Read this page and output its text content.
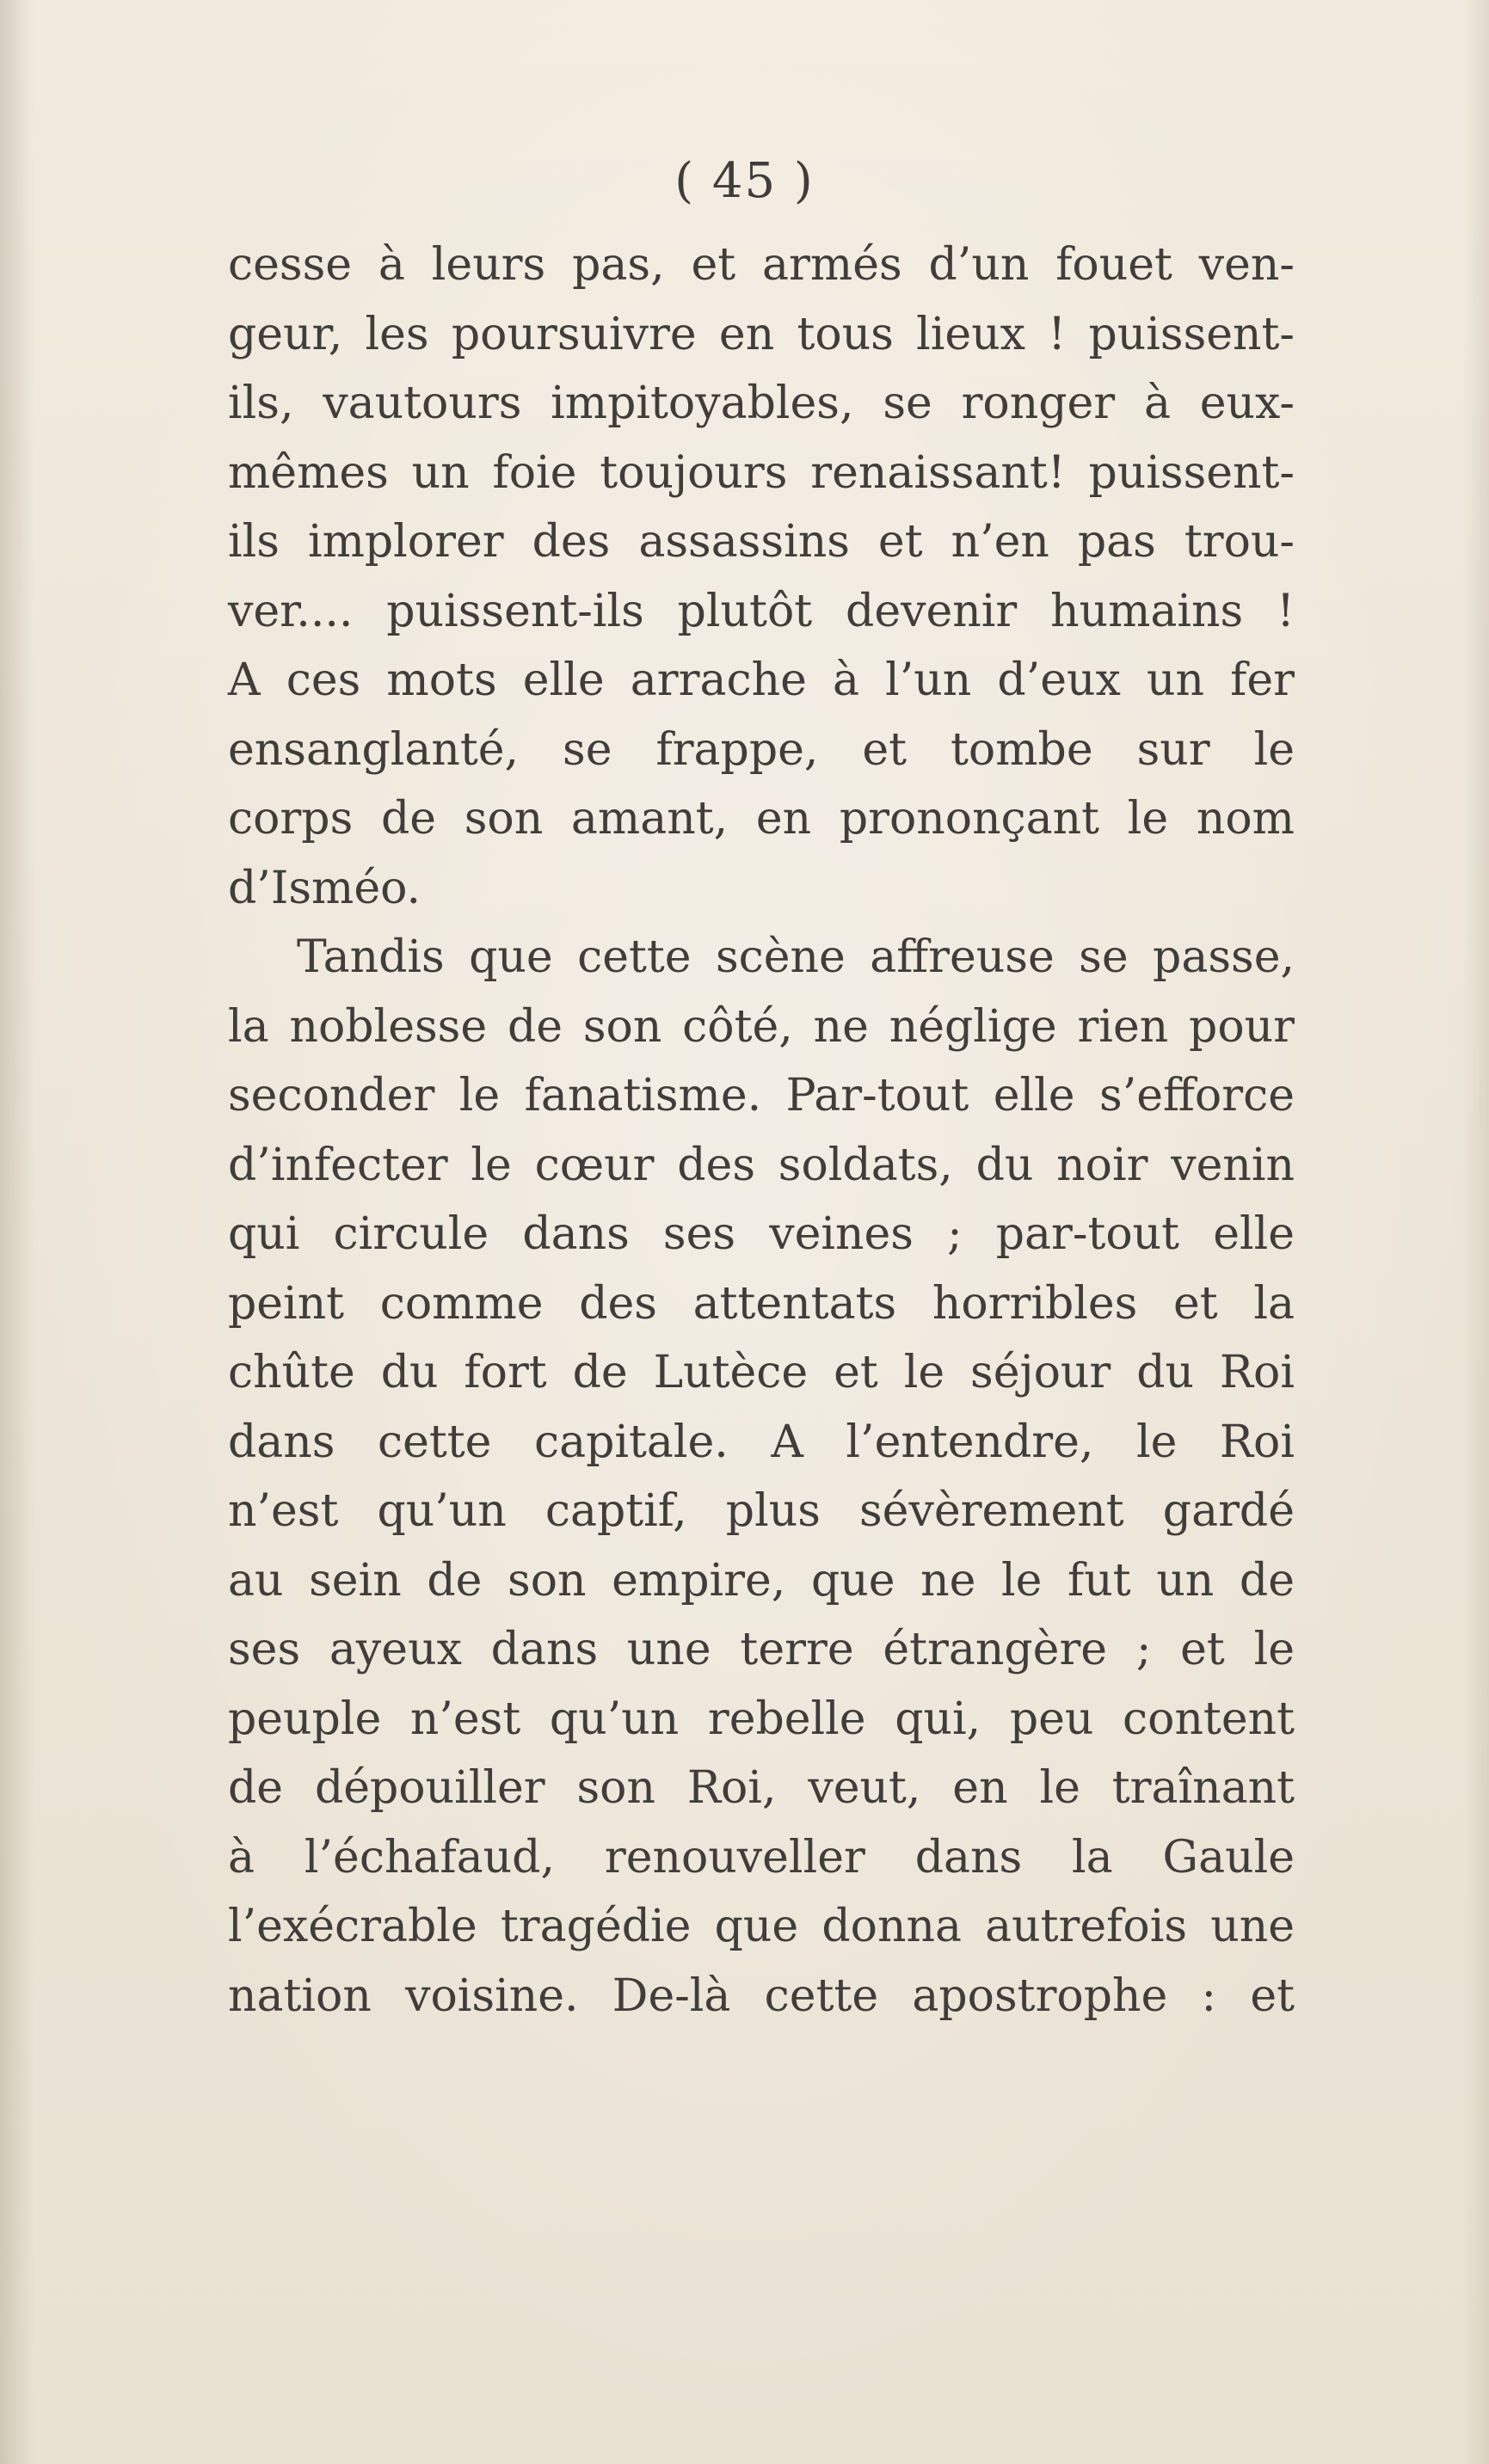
( 45 )
cesse à leurs pas, et armés d’un fouet ven-
geur, les poursuivre en tous lieux ! puissent-
ils, vautours impitoyables, se ronger à eux-
mêmes un foie toujours renaissant! puissent-
ils implorer des assassins et n’en pas trou-
ver.... puissent-ils plutôt devenir humains !
A ces mots elle arrache à l’un d’eux un fer
ensanglanté, se frappe, et tombe sur le
corps de son amant, en prononçant le nom
d’Isméo.
Tandis que cette scène affreuse se passe,
la noblesse de son côté, ne néglige rien pour
seconder le fanatisme. Par-tout elle s’efforce
d’infecter le cœur des soldats, du noir venin
qui circule dans ses veines ; par-tout elle
peint comme des attentats horribles et la
chûte du fort de Lutèce et le séjour du Roi
dans cette capitale. A l’entendre, le Roi
n’est qu’un captif, plus sévèrement gardé
au sein de son empire, que ne le fut un de
ses ayeux dans une terre étrangère ; et le
peuple n’est qu’un rebelle qui, peu content
de dépouiller son Roi, veut, en le traînant
à l’échafaud, renouveller dans la Gaule
l’exécrable tragédie que donna autrefois une
nation voisine. De-là cette apostrophe : et
